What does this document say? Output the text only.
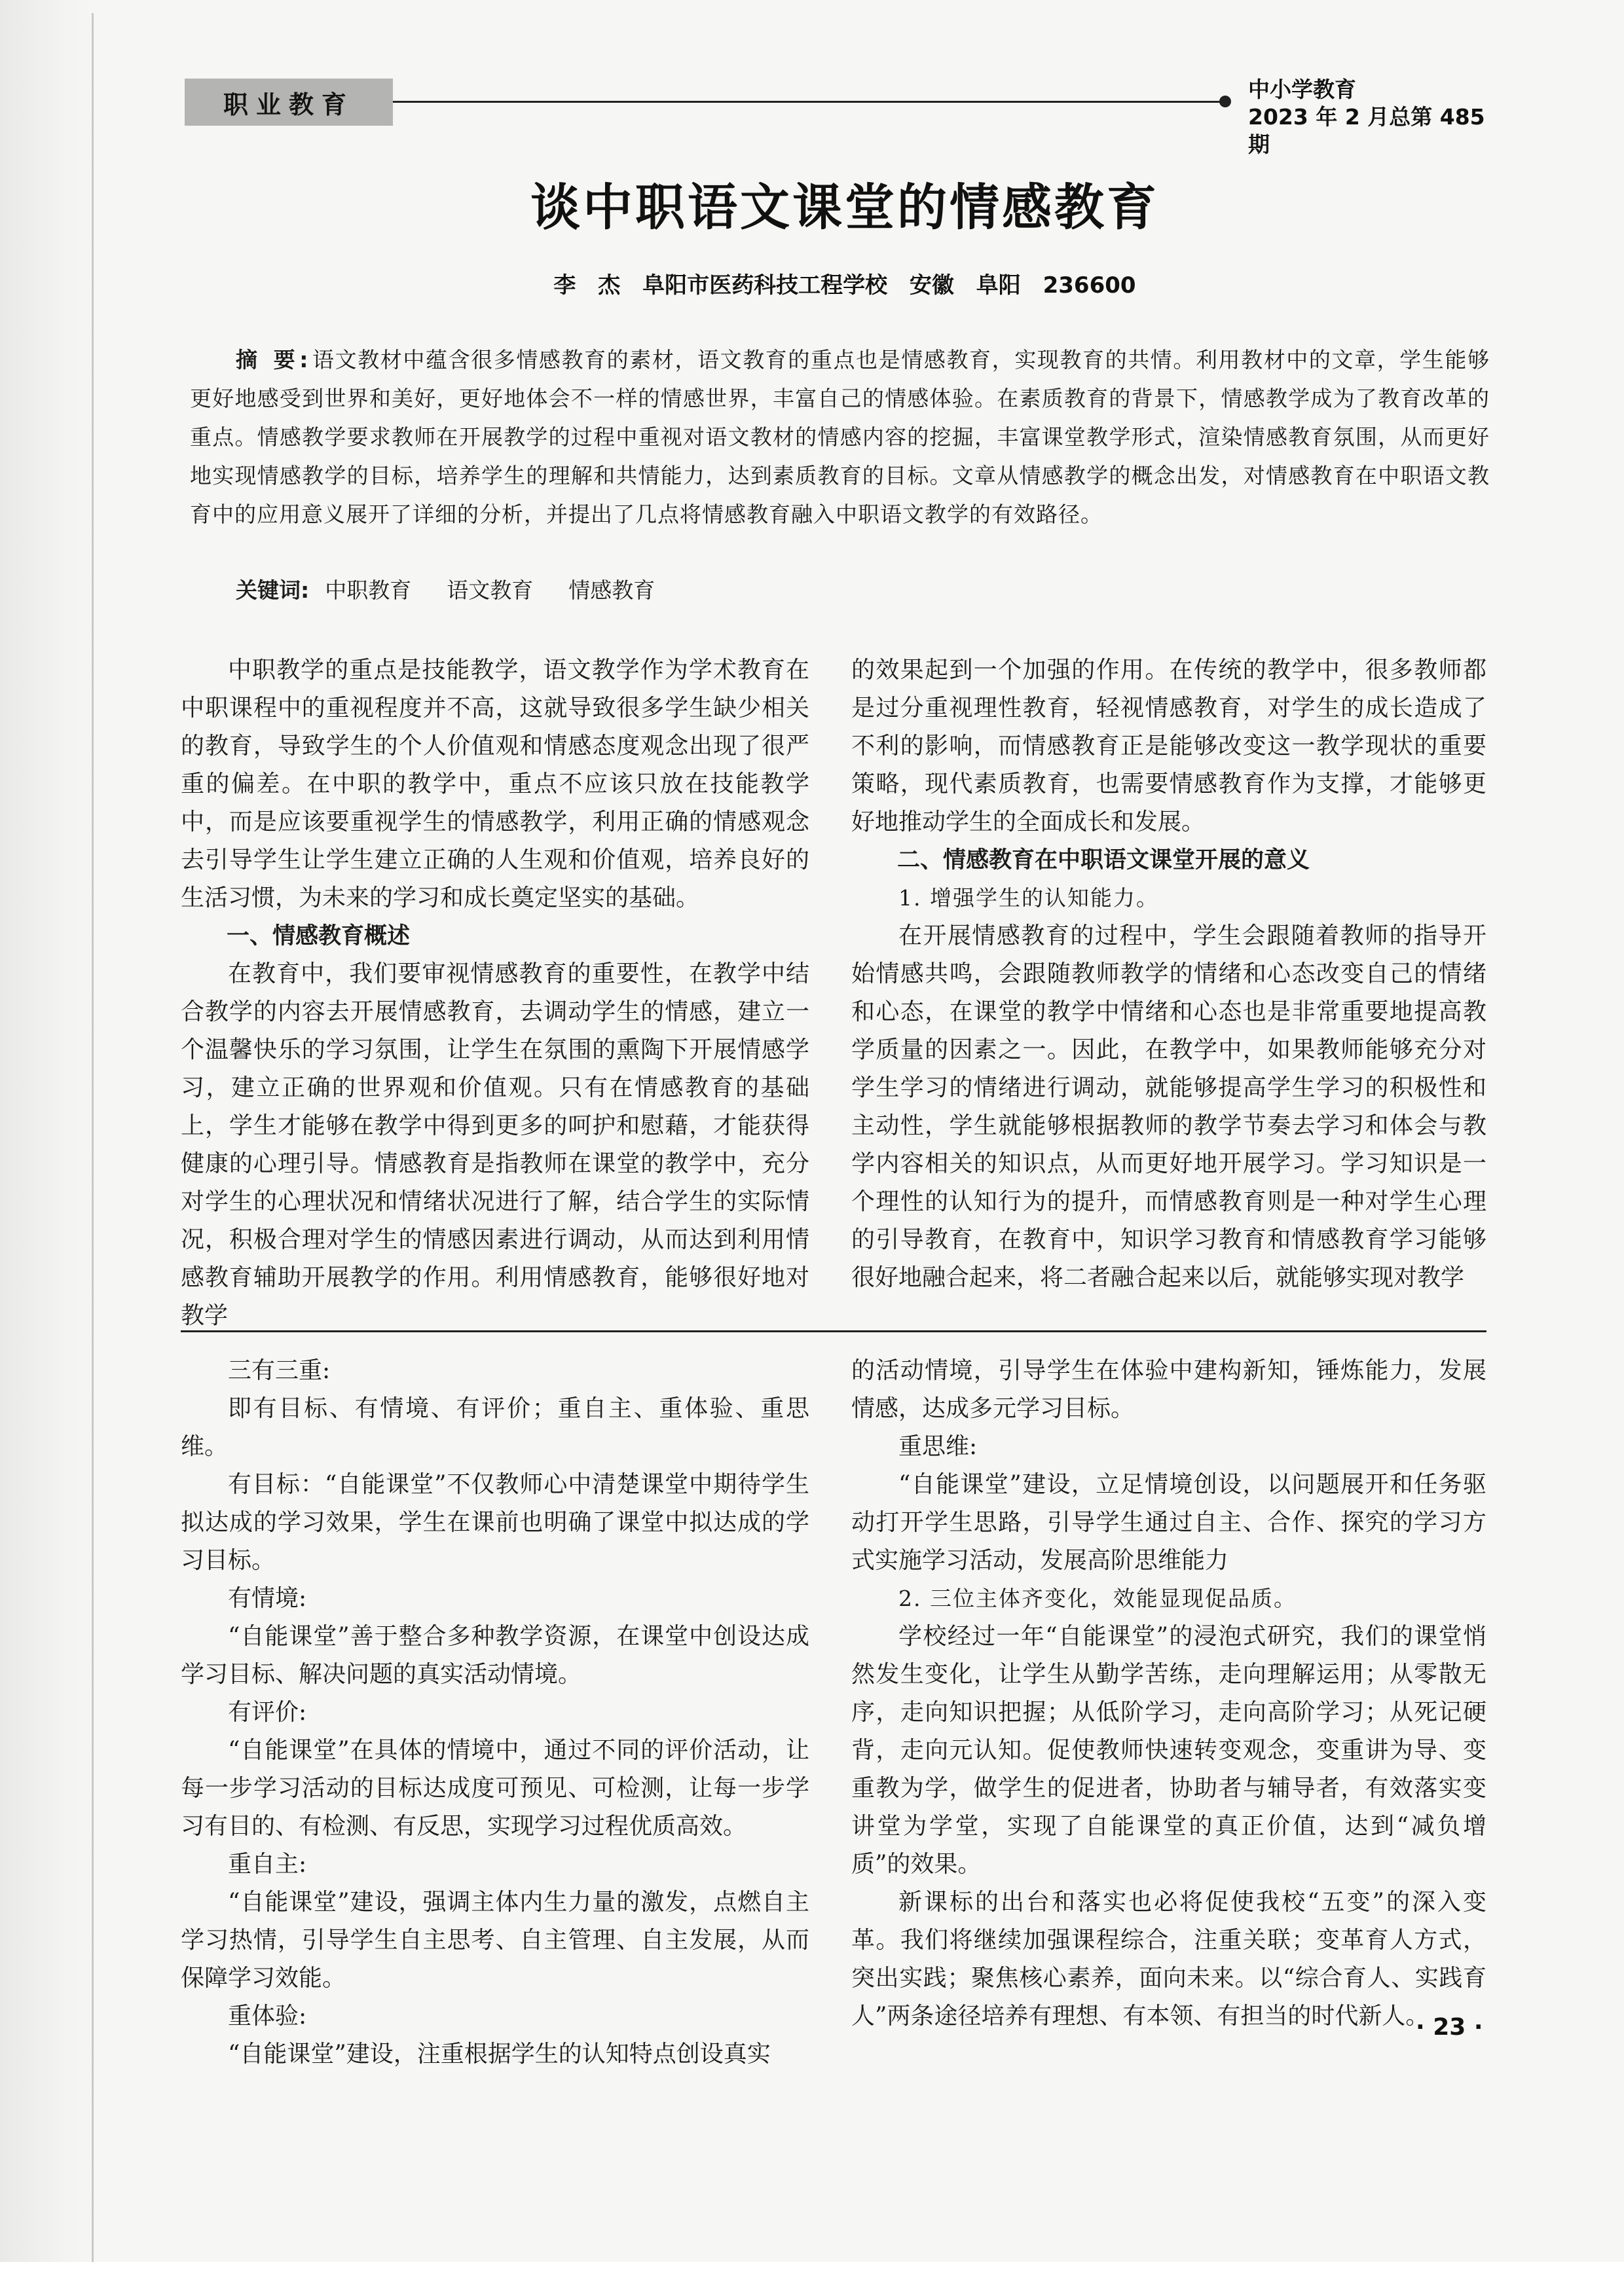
职业教育
中小学教育
2023 年 2 月总第 485 期
谈中职语文课堂的情感教育
李 杰 阜阳市医药科技工程学校 安徽 阜阳 236600
摘 要:语文教材中蕴含很多情感教育的素材，语文教育的重点也是情感教育，实现教育的共情。利用教材中的文章，学生能够更好地感受到世界和美好，更好地体会不一样的情感世界，丰富自己的情感体验。在素质教育的背景下，情感教学成为了教育改革的重点。情感教学要求教师在开展教学的过程中重视对语文教材的情感内容的挖掘，丰富课堂教学形式，渲染情感教育氛围，从而更好地实现情感教学的目标，培养学生的理解和共情能力，达到素质教育的目标。文章从情感教学的概念出发，对情感教育在中职语文教育中的应用意义展开了详细的分析，并提出了几点将情感教育融入中职语文教学的有效路径。
关键词: 中职教育 语文教育 情感教育

中职教学的重点是技能教学，语文教学作为学术教育在中职课程中的重视程度并不高，这就导致很多学生缺少相关的教育，导致学生的个人价值观和情感态度观念出现了很严重的偏差。在中职的教学中，重点不应该只放在技能教学中，而是应该要重视学生的情感教学，利用正确的情感观念去引导学生让学生建立正确的人生观和价值观，培养良好的生活习惯，为未来的学习和成长奠定坚实的基础。

一、情感教育概述

在教育中，我们要审视情感教育的重要性，在教学中结合教学的内容去开展情感教育，去调动学生的情感，建立一个温馨快乐的学习氛围，让学生在氛围的熏陶下开展情感学习，建立正确的世界观和价值观。只有在情感教育的基础上，学生才能够在教学中得到更多的呵护和慰藉，才能获得健康的心理引导。情感教育是指教师在课堂的教学中，充分对学生的心理状况和情绪状况进行了解，结合学生的实际情况，积极合理对学生的情感因素进行调动，从而达到利用情感教育辅助开展教学的作用。利用情感教育，能够很好地对教学

的效果起到一个加强的作用。在传统的教学中，很多教师都是过分重视理性教育，轻视情感教育，对学生的成长造成了不利的影响，而情感教育正是能够改变这一教学现状的重要策略，现代素质教育，也需要情感教育作为支撑，才能够更好地推动学生的全面成长和发展。

二、情感教育在中职语文课堂开展的意义
1. 增强学生的认知能力。

在开展情感教育的过程中，学生会跟随着教师的指导开始情感共鸣，会跟随教师教学的情绪和心态改变自己的情绪和心态，在课堂的教学中情绪和心态也是非常重要地提高教学质量的因素之一。因此，在教学中，如果教师能够充分对学生学习的情绪进行调动，就能够提高学生学习的积极性和主动性，学生就能够根据教师的教学节奏去学习和体会与教学内容相关的知识点，从而更好地开展学习。学习知识是一个理性的认知行为的提升，而情感教育则是一种对学生心理的引导教育，在教育中，知识学习教育和情感教育学习能够很好地融合起来，将二者融合起来以后，就能够实现对教学

三有三重:

即有目标、有情境、有评价；重自主、重体验、重思维。

有目标：“自能课堂”不仅教师心中清楚课堂中期待学生拟达成的学习效果，学生在课前也明确了课堂中拟达成的学习目标。

有情境:

“自能课堂”善于整合多种教学资源，在课堂中创设达成学习目标、解决问题的真实活动情境。

有评价:

“自能课堂”在具体的情境中，通过不同的评价活动，让每一步学习活动的目标达成度可预见、可检测，让每一步学习有目的、有检测、有反思，实现学习过程优质高效。

重自主:

“自能课堂”建设，强调主体内生力量的激发，点燃自主学习热情，引导学生自主思考、自主管理、自主发展，从而保障学习效能。

重体验:

“自能课堂”建设，注重根据学生的认知特点创设真实

的活动情境，引导学生在体验中建构新知，锤炼能力，发展情感，达成多元学习目标。

重思维:

“自能课堂”建设，立足情境创设，以问题展开和任务驱动打开学生思路，引导学生通过自主、合作、探究的学习方式实施学习活动，发展高阶思维能力

2. 三位主体齐变化，效能显现促品质。

学校经过一年“自能课堂”的浸泡式研究，我们的课堂悄然发生变化，让学生从勤学苦练，走向理解运用；从零散无序，走向知识把握；从低阶学习，走向高阶学习；从死记硬背，走向元认知。促使教师快速转变观念，变重讲为导、变重教为学，做学生的促进者，协助者与辅导者，有效落实变讲堂为学堂，实现了自能课堂的真正价值，达到“减负增质”的效果。

新课标的出台和落实也必将促使我校“五变”的深入变革。我们将继续加强课程综合，注重关联；变革育人方式，突出实践；聚焦核心素养，面向未来。以“综合育人、实践育人”两条途径培养有理想、有本领、有担当的时代新人。

· 23 ·
